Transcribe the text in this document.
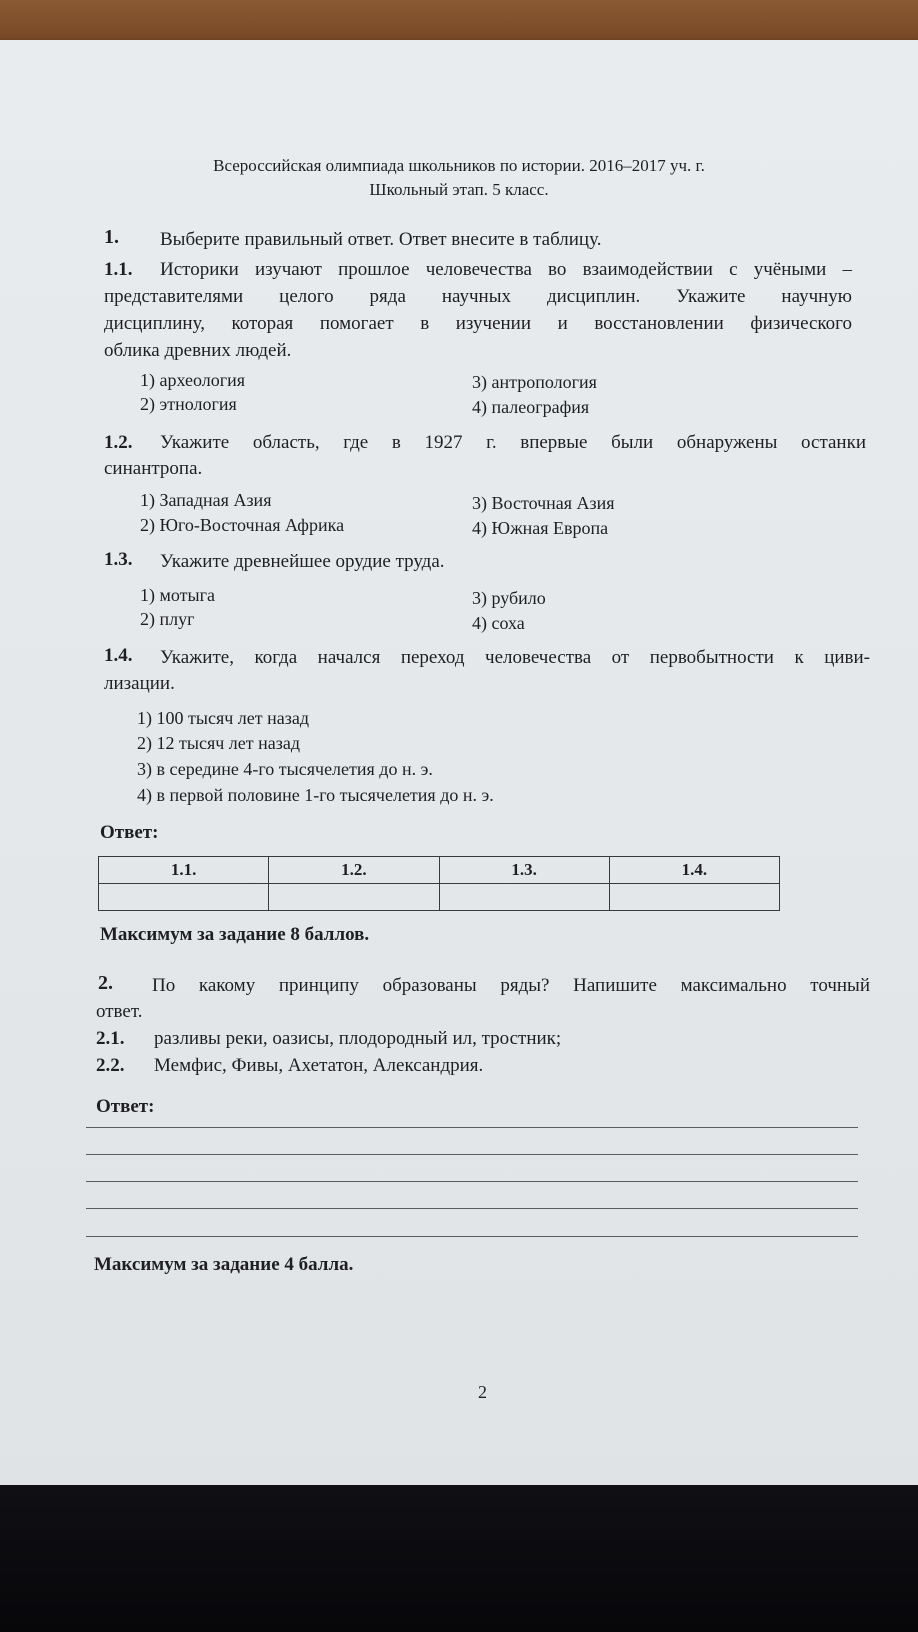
Всероссийская олимпиада школьников по истории. 2016–2017 уч. г.
Школьный этап. 5 класс.
1. Выберите правильный ответ. Ответ внесите в таблицу.
1.1. Историки изучают прошлое человечества во взаимодействии с учёными –
представителями целого ряда научных дисциплин. Укажите научную
дисциплину, которая помогает в изучении и восстановлении физического
облика древних людей.
1) археология
2) этнология
3) антропология
4) палеография
1.2. Укажите область, где в 1927 г. впервые были обнаружены останки
синантропа.
1) Западная Азия
2) Юго-Восточная Африка
3) Восточная Азия
4) Южная Европа
1.3. Укажите древнейшее орудие труда.
1) мотыга
2) плуг
3) рубило
4) соха
1.4. Укажите, когда начался переход человечества от первобытности к циви-
лизации.
1) 100 тысяч лет назад
2) 12 тысяч лет назад
3) в середине 4-го тысячелетия до н. э.
4) в первой половине 1-го тысячелетия до н. э.
Ответ:
1.1.	1.2.	1.3.	1.4.

Максимум за задание 8 баллов.
2. По какому принципу образованы ряды? Напишите максимально точный
ответ.
2.1. разливы реки, оазисы, плодородный ил, тростник;
2.2. Мемфис, Фивы, Ахетатон, Александрия.
Ответ:
Максимум за задание 4 балла.
2
